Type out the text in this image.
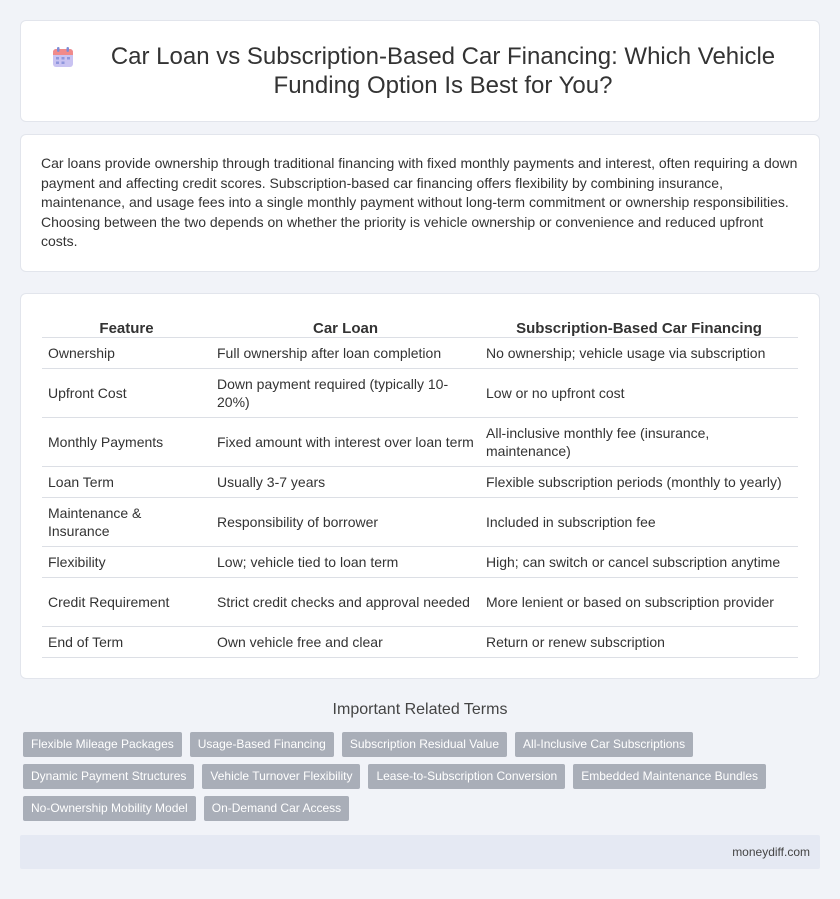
Car Loan vs Subscription-Based Car Financing: Which Vehicle Funding Option Is Best for You?

Car loans provide ownership through traditional financing with fixed monthly payments and interest, often requiring a down payment and affecting credit scores. Subscription-based car financing offers flexibility by combining insurance, maintenance, and usage fees into a single monthly payment without long-term commitment or ownership responsibilities. Choosing between the two depends on whether the priority is vehicle ownership or convenience and reduced upfront costs.

Feature	Car Loan	Subscription-Based Car Financing
Ownership	Full ownership after loan completion	No ownership; vehicle usage via subscription
Upfront Cost	Down payment required (typically 10-20%)	Low or no upfront cost
Monthly Payments	Fixed amount with interest over loan term	All-inclusive monthly fee (insurance, maintenance)
Loan Term	Usually 3-7 years	Flexible subscription periods (monthly to yearly)
Maintenance & Insurance	Responsibility of borrower	Included in subscription fee
Flexibility	Low; vehicle tied to loan term	High; can switch or cancel subscription anytime
Credit Requirement	Strict credit checks and approval needed	More lenient or based on subscription provider
End of Term	Own vehicle free and clear	Return or renew subscription
Important Related Terms
Flexible Mileage Packages	Usage-Based Financing	Subscription Residual Value	All-Inclusive Car Subscriptions
Dynamic Payment Structures	Vehicle Turnover Flexibility	Lease-to-Subscription Conversion	Embedded Maintenance Bundles
No-Ownership Mobility Model	On-Demand Car Access
moneydiff.com
